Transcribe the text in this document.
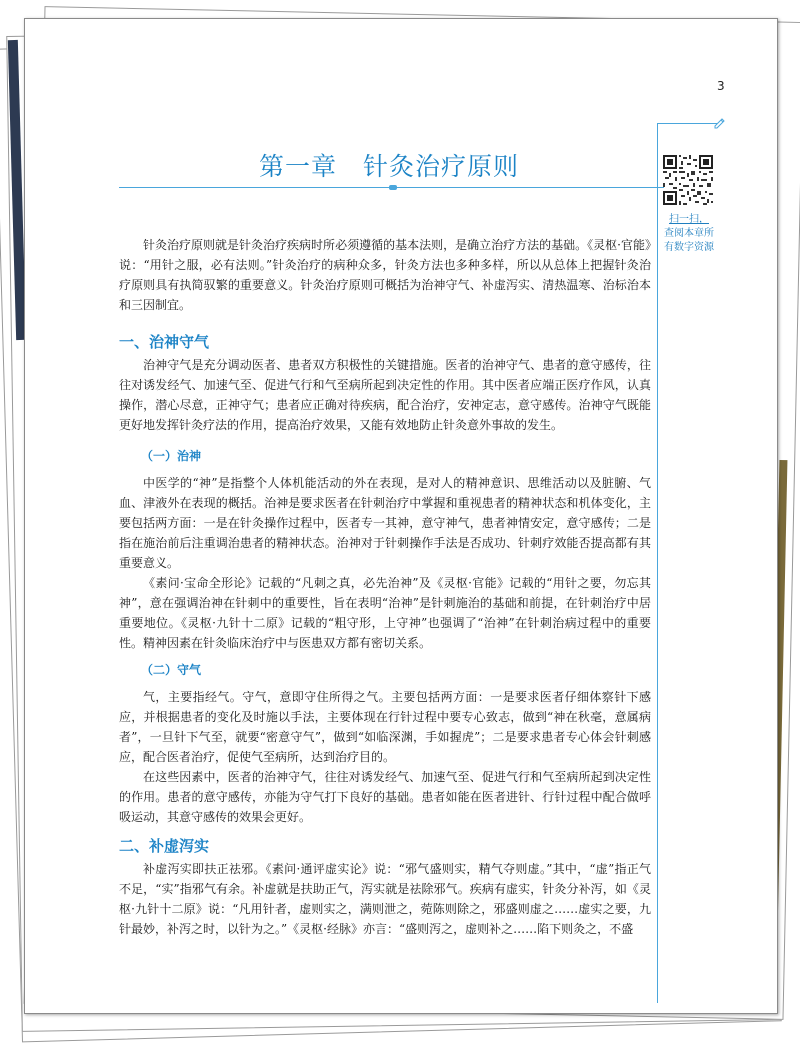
3
扫一扫，
查阅本章所
有数字资源
第一章　针灸治疗原则

针灸治疗原则就是针灸治疗疾病时所必须遵循的基本法则，是确立治疗方法的基础。《灵枢·官能》说：“用针之服，必有法则。”针灸治疗的病种众多，针灸方法也多种多样，所以从总体上把握针灸治疗原则具有执简驭繁的重要意义。针灸治疗原则可概括为治神守气、补虚泻实、清热温寒、治标治本和三因制宜。

一、治神守气

治神守气是充分调动医者、患者双方积极性的关键措施。医者的治神守气、患者的意守感传，往往对诱发经气、加速气至、促进气行和气至病所起到决定性的作用。其中医者应端正医疗作风，认真操作，潜心尽意，正神守气；患者应正确对待疾病，配合治疗，安神定志，意守感传。治神守气既能更好地发挥针灸疗法的作用，提高治疗效果，又能有效地防止针灸意外事故的发生。

（一）治神

中医学的“神”是指整个人体机能活动的外在表现，是对人的精神意识、思维活动以及脏腑、气血、津液外在表现的概括。治神是要求医者在针刺治疗中掌握和重视患者的精神状态和机体变化，主要包括两方面：一是在针灸操作过程中，医者专一其神，意守神气，患者神情安定，意守感传；二是指在施治前后注重调治患者的精神状态。治神对于针刺操作手法是否成功、针刺疗效能否提高都有其重要意义。

《素问·宝命全形论》记载的“凡刺之真，必先治神”及《灵枢·官能》记载的“用针之要，勿忘其神”，意在强调治神在针刺中的重要性，旨在表明“治神”是针刺施治的基础和前提，在针刺治疗中居重要地位。《灵枢·九针十二原》记载的“粗守形，上守神”也强调了“治神”在针刺治病过程中的重要性。精神因素在针灸临床治疗中与医患双方都有密切关系。

（二）守气

气，主要指经气。守气，意即守住所得之气。主要包括两方面：一是要求医者仔细体察针下感应，并根据患者的变化及时施以手法，主要体现在行针过程中要专心致志，做到“神在秋毫，意属病者”，一旦针下气至，就要“密意守气”，做到“如临深渊，手如握虎”；二是要求患者专心体会针刺感应，配合医者治疗，促使气至病所，达到治疗目的。

在这些因素中，医者的治神守气，往往对诱发经气、加速气至、促进气行和气至病所起到决定性的作用。患者的意守感传，亦能为守气打下良好的基础。患者如能在医者进针、行针过程中配合做呼吸运动，其意守感传的效果会更好。

二、补虚泻实

补虚泻实即扶正祛邪。《素问·通评虚实论》说：“邪气盛则实，精气夺则虚。”其中，“虚”指正气不足，“实”指邪气有余。补虚就是扶助正气，泻实就是祛除邪气。疾病有虚实，针灸分补泻，如《灵枢·九针十二原》说：“凡用针者，虚则实之，满则泄之，菀陈则除之，邪盛则虚之……虚实之要，九针最妙，补泻之时，以针为之。”《灵枢·经脉》亦言：“盛则泻之，虚则补之……陷下则灸之，不盛
